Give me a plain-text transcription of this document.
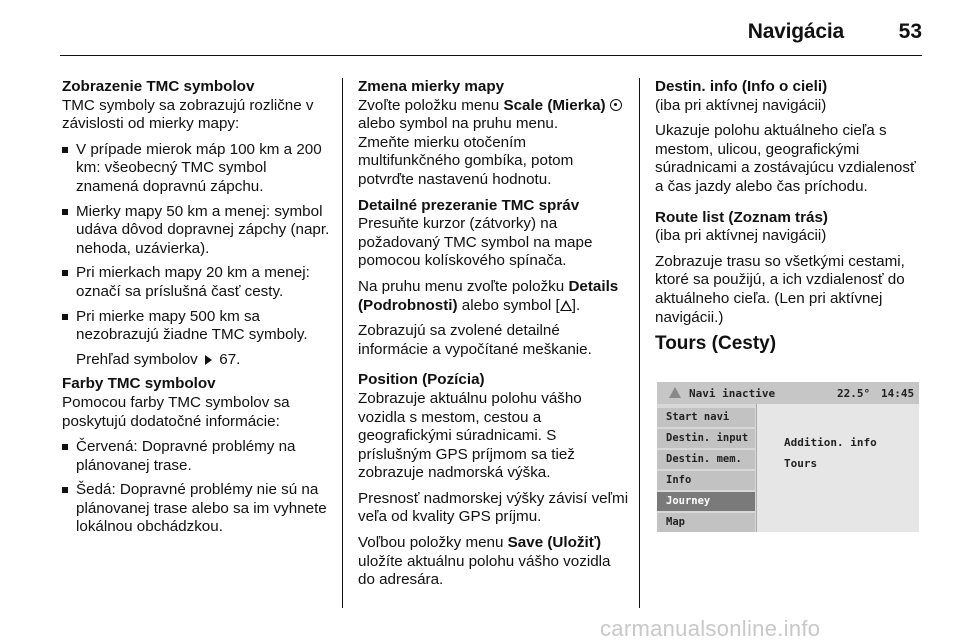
Navigácia	53
Zobrazenie TMC symbolov
TMC symboly sa zobrazujú rozlične v závislosti od mierky mapy:
V prípade mierok máp 100 km a 200 km: všeobecný TMC symbol znamená dopravnú zápchu.
Mierky mapy 50 km a menej: symbol udáva dôvod dopravnej zápchy (napr. nehoda, uzávierka).
Pri mierkach mapy 20 km a menej: označí sa príslušná časť cesty.
Pri mierke mapy 500 km sa nezobrazujú žiadne TMC symboly.
Prehľad symbolov 67.
Farby TMC symbolov
Pomocou farby TMC symbolov sa poskytujú dodatočné informácie:
Červená: Dopravné problémy na plánovanej trase.
Šedá: Dopravné problémy nie sú na plánovanej trase alebo sa im vyhnete lokálnou obchádzkou.
Zmena mierky mapy
Zvoľte položku menu Scale (Mierka)  alebo symbol na pruhu menu.
Zmeňte mierku otočením multifunkčného gombíka, potom potvrďte nastavenú hodnotu.
Detailné prezeranie TMC správ
Presuňte kurzor (zátvorky) na požadovaný TMC symbol na mape pomocou kolískového spínača.
Na pruhu menu zvoľte položku Details (Podrobnosti) alebo symbol [ ].
Zobrazujú sa zvolené detailné informácie a vypočítané meškanie.
Position (Pozícia)
Zobrazuje aktuálnu polohu vášho vozidla s mestom, cestou a geografickými súradnicami. S príslušným GPS príjmom sa tiež zobrazuje nadmorská výška.
Presnosť nadmorskej výšky závisí veľmi veľa od kvality GPS príjmu.
Voľbou položky menu Save (Uložiť) uložíte aktuálnu polohu vášho vozidla do adresára.
Destin. info (Info o cieli)
(iba pri aktívnej navigácii)
Ukazuje polohu aktuálneho cieľa s mestom, ulicou, geografickými súradnicami a zostávajúcu vzdialenosť a čas jazdy alebo čas príchodu.
Route list (Zoznam trás)
(iba pri aktívnej navigácii)
Zobrazuje trasu so všetkými cestami, ktoré sa použijú, a ich vzdialenosť do aktuálneho cieľa. (Len pri aktívnej navigácii.)
Tours (Cesty)
Navi inactive	22.5° 14:45
Start navi
Destin. input
Destin. mem.
Info
Journey
Map
Addition. info
Tours
carmanualsonline.info
